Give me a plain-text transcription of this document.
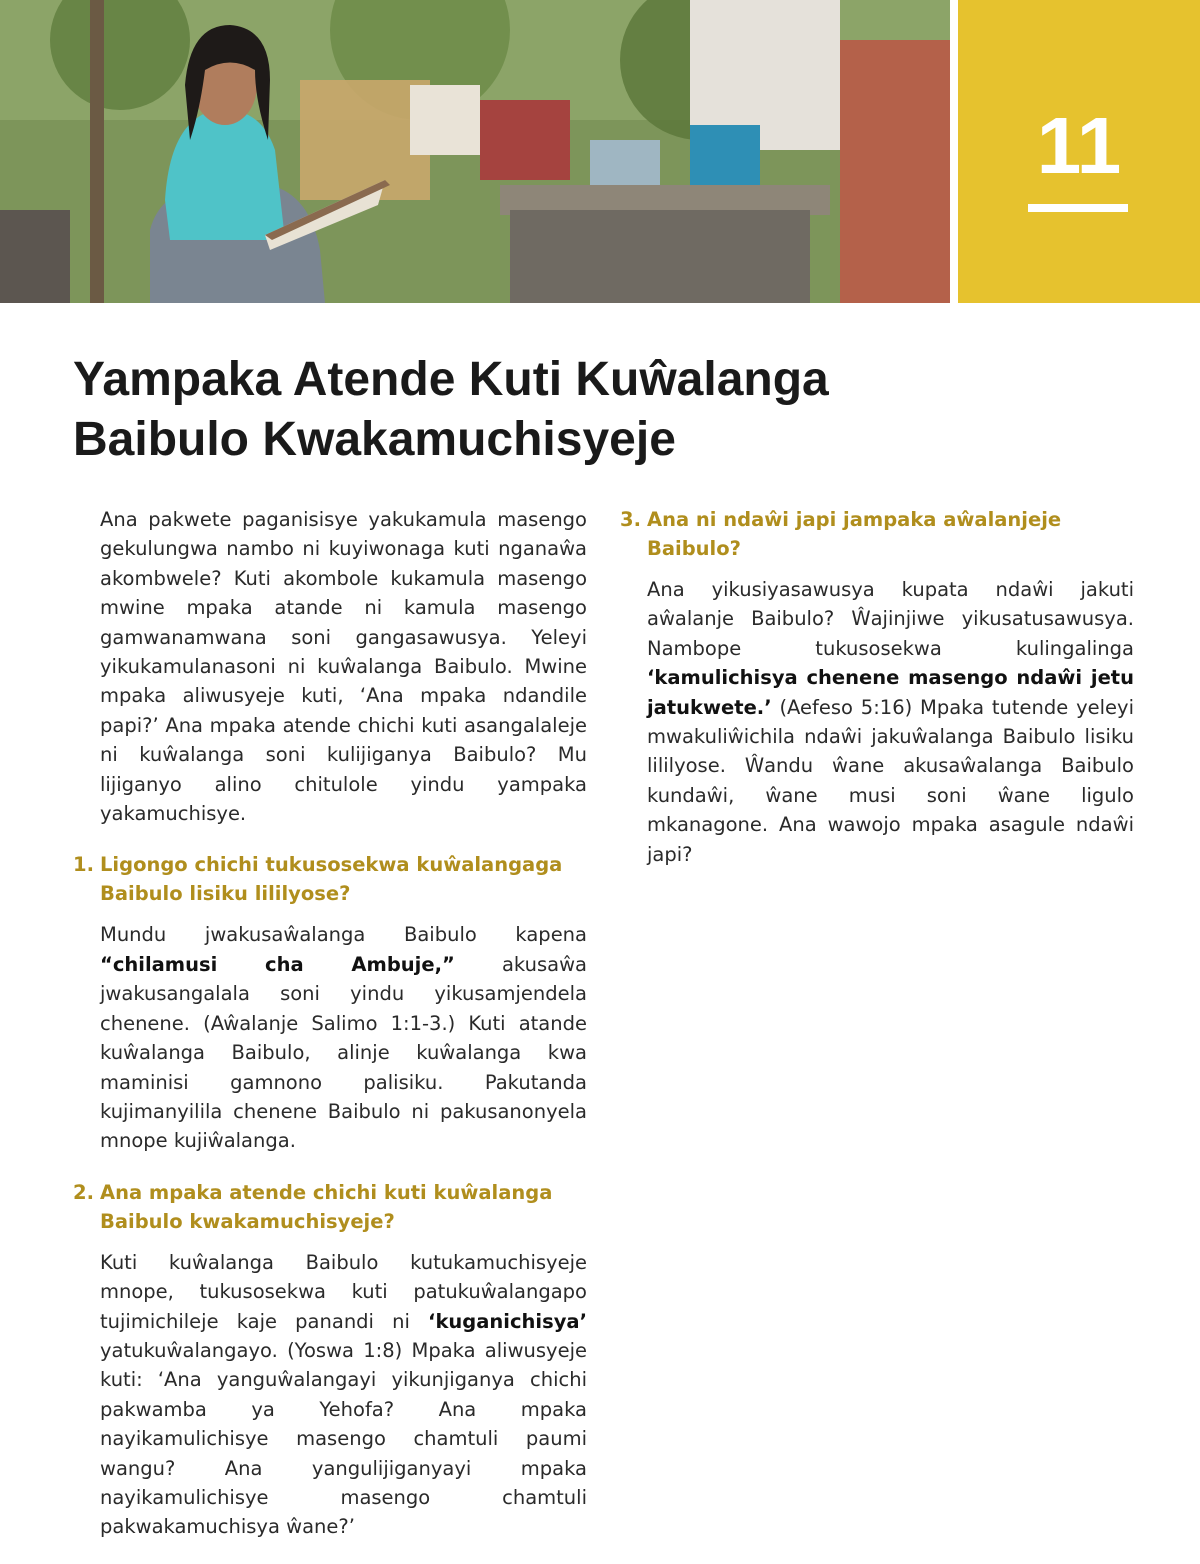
11
Yampaka Atende Kuti Kuŵalanga
Baibulo Kwakamuchisyeje

Ana pakwete paganisisye yakukamula masengo gekulungwa nambo ni kuyiwonaga kuti nganaŵa akombwele? Kuti akombole kukamula masengo mwine mpaka atande ni kamula masengo gamwanamwana soni gangasawusya. Yeleyi yikukamulanasoni ni kuŵalanga Baibulo. Mwine mpaka aliwusyeje kuti, ‘Ana mpaka ndandile papi?’ Ana mpaka atende chichi kuti asangalaleje ni kuŵalanga soni kulijiganya Baibulo? Mu lijiganyo alino chitulole yindu yampaka yakamuchisye.

1. Ligongo chichi tukusosekwa kuŵalangaga Baibulo lisiku lililyose?

Mundu jwakusaŵalanga Baibulo kapena “chilamusi cha Ambuje,” akusaŵa jwakusangalala soni yindu yikusamjendela chenene. (Aŵalanje Salimo 1:1-3.) Kuti atande kuŵalanga Baibulo, alinje kuŵalanga kwa maminisi gamnono palisiku. Pakutanda kujimanyilila chenene Baibulo ni pakusanonyela mnope kujiŵalanga.

2. Ana mpaka atende chichi kuti kuŵalanga Baibulo kwakamuchisyeje?

Kuti kuŵalanga Baibulo kutukamuchisyeje mnope, tukusosekwa kuti patukuŵalangapo tujimichileje kaje panandi ni ‘kuganichisya’ yatukuŵalangayo. (Yoswa 1:8) Mpaka aliwusyeje kuti: ‘Ana yanguŵalangayi yikunjiganya chichi pakwamba ya Yehofa? Ana mpaka nayikamulichisye masengo chamtuli paumi wangu? Ana yangulijiganyayi mpaka nayikamulichisye masengo chamtuli pakwakamuchisya ŵane?’

3. Ana ni ndaŵi japi jampaka aŵalanjeje Baibulo?

Ana yikusiyasawusya kupata ndaŵi jakuti aŵalanje Baibulo? Ŵajinjiwe yikusatusawusya. Nambope tukusosekwa kulingalinga ‘kamulichisya chenene masengo ndaŵi jetu jatukwete.’ (Aefeso 5:16) Mpaka tutende yeleyi mwakuliŵichila ndaŵi jakuŵalanga Baibulo lisiku lililyose. Ŵandu ŵane akusaŵalanga Baibulo kundaŵi, ŵane musi soni ŵane ligulo mkanagone. Ana wawojo mpaka asagule ndaŵi japi?
